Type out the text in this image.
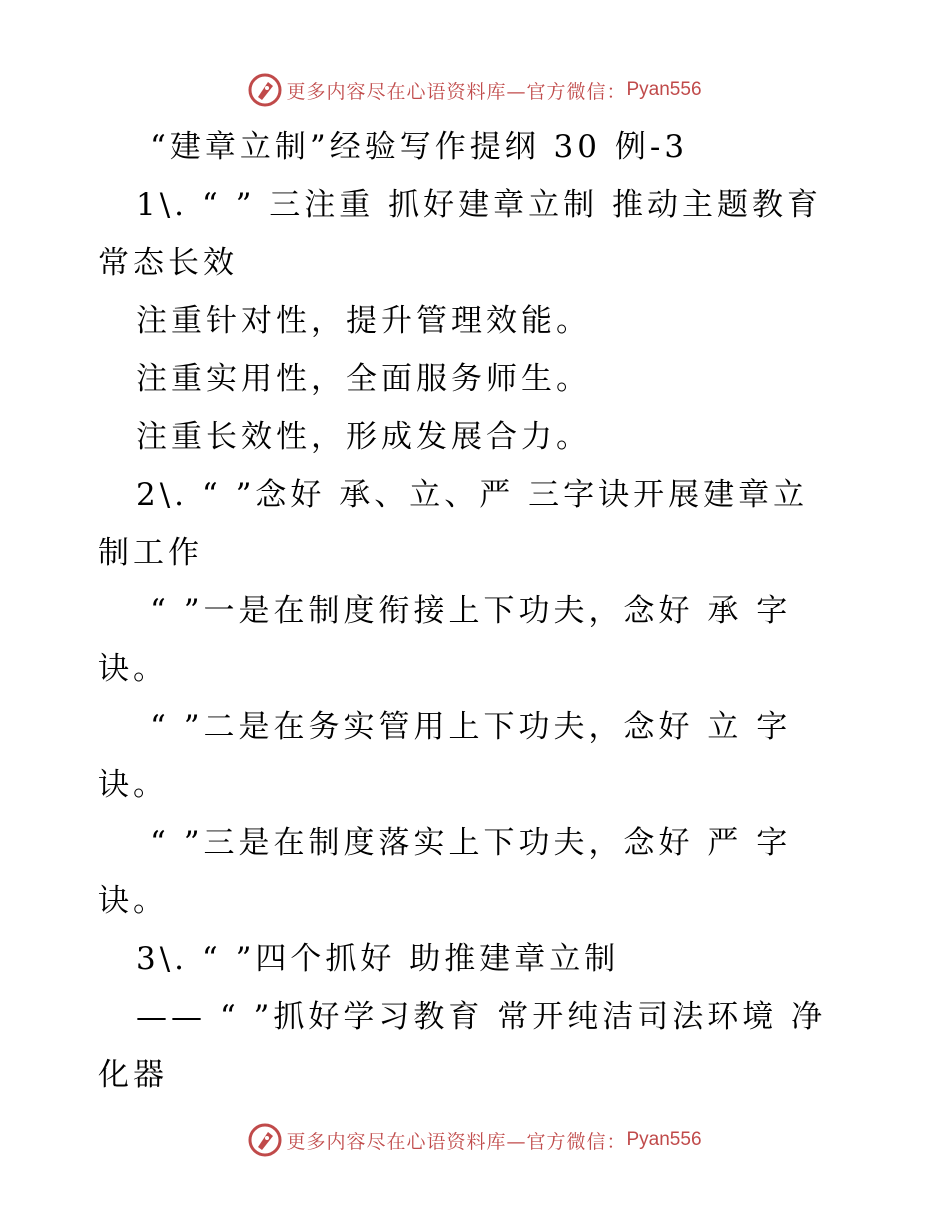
更多内容尽在心语资料库—官方微信： Pyan556
“建章立制”经验写作提纲 30 例-3
1\. “ ” 三注重 抓好建章立制 推动主题教育
常态长效
注重针对性，提升管理效能。
注重实用性，全面服务师生。
注重长效性，形成发展合力。
2\. “ ”念好 承、立、严 三字诀开展建章立
制工作
“ ”一是在制度衔接上下功夫，念好 承 字
诀。
“ ”二是在务实管用上下功夫，念好 立 字
诀。
“ ”三是在制度落实上下功夫，念好 严 字
诀。
3\. “ ”四个抓好 助推建章立制
—— “ ”抓好学习教育 常开纯洁司法环境 净
化器
更多内容尽在心语资料库—官方微信： Pyan556
